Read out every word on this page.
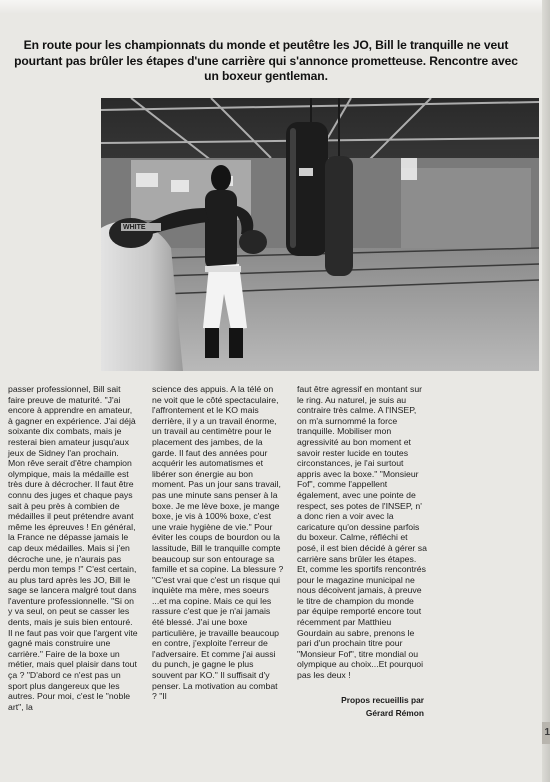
En route pour les championnats du monde et peutêtre les JO, Bill le tranquille ne veut pourtant pas brûler les étapes d'une carrière qui s'annonce prometteuse. Rencontre avec un boxeur gentleman.
WHITE

passer professionnel, Bill sait faire preuve de maturité. "J'ai encore à apprendre en amateur, à gagner en expérience. J'ai déjà soixante dix combats, mais je resterai bien amateur jusqu'aux jeux de Sidney l'an prochain. Mon rêve serait d'être champion olympique, mais la médaille est très dure à décrocher. Il faut être connu des juges et chaque pays sait à peu près à combien de médailles il peut prétendre avant même les épreuves ! En général, la France ne dépasse jamais le cap deux médailles. Mais si j'en décroche une, je n'aurais pas perdu mon temps !" C'est certain, au plus tard après les JO, Bill le sage se lancera malgré tout dans l'aventure professionnelle. "Si on y va seul, on peut se casser les dents, mais je suis bien entouré. Il ne faut pas voir que l'argent vite gagné mais construire une carrière." Faire de la boxe un métier, mais quel plaisir dans tout ça ? "D'abord ce n'est pas un sport plus dangereux que les autres. Pour moi, c'est le "noble art", la

science des appuis. A la télé on ne voit que le côté spectaculaire, l'affrontement et le KO mais derrière, il y a un travail énorme, un travail au centimètre pour le placement des jambes, de la garde. Il faut des années pour acquérir les automatismes et libérer son énergie au bon moment. Pas un jour sans travail, pas une minute sans penser à la boxe. Je me lève boxe, je mange boxe, je vis à 100% boxe, c'est une vraie hygiène de vie." Pour éviter les coups de bourdon ou la lassitude, Bill le tranquille compte beaucoup sur son entourage sa famille et sa copine. La blessure ? "C'est vrai que c'est un risque qui inquiète ma mère, mes soeurs ...et ma copine. Mais ce qui les rassure c'est que je n'ai jamais été blessé. J'ai une boxe particulière, je travaille beaucoup en contre, j'exploite l'erreur de l'adversaire. Et comme j'ai aussi du punch, je gagne le plus souvent par KO." Il suffisait d'y penser. La motivation au combat ? "Il

faut être agressif en montant sur le ring. Au naturel, je suis au contraire très calme. A l'INSEP, on m'a surnommé la force tranquille. Mobiliser mon agressivité au bon moment et savoir rester lucide en toutes circonstances, je l'ai surtout appris avec la boxe." "Monsieur Fof", comme l'appellent également, avec une pointe de respect, ses potes de l'INSEP, n' a donc rien a voir avec la caricature qu'on dessine parfois du boxeur. Calme, réfléchi et posé, il est bien décidé à gérer sa carrière sans brûler les étapes. Et, comme les sportifs rencontrés pour le magazine municipal ne nous décoivent jamais, à preuve le titre de champion du monde par équipe remporté encore tout récemment par Matthieu Gourdain au sabre, prenons le pari d'un prochain titre pour "Monsieur Fof", titre mondial ou olympique au choix...Et pourquoi pas les deux !

Propos recueillis par
Gérard Rémon
1
